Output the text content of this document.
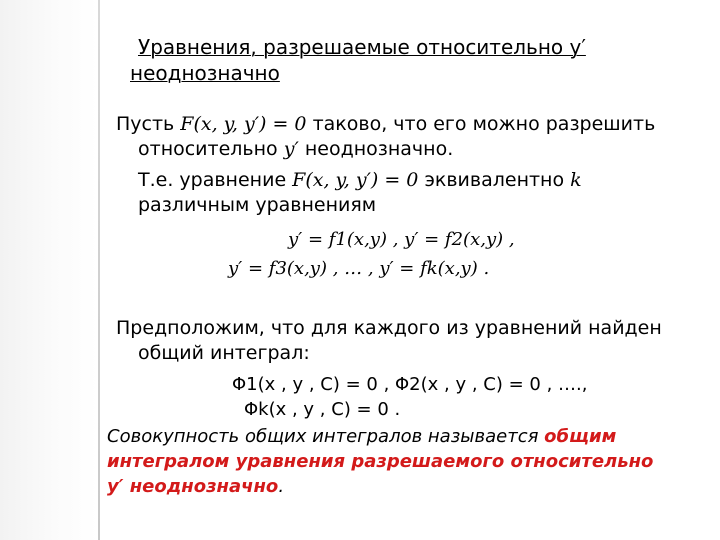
Уравнения, разрешаемые относительно y′
неоднозначно
Пусть F(x, y, y′) = 0 таково, что его можно разрешить
относительно y′ неоднозначно.
Т.е. уравнение F(x, y, y′) = 0 эквивалентно k
различным уравнениям
y′ = f1(x,y) , y′ = f2(x,y) ,
y′ = f3(x,y) , … , y′ = fk(x,y) .
Предположим, что для каждого из уравнений найден
общий интеграл:
Φ1(x , y , C) = 0 , Φ2(x , y , C) = 0 , ….,
Φk(x , y , C) = 0 .
Совокупность общих интегралов называется общим
интегралом уравнения разрешаемого относительно
y′ неоднозначно.
